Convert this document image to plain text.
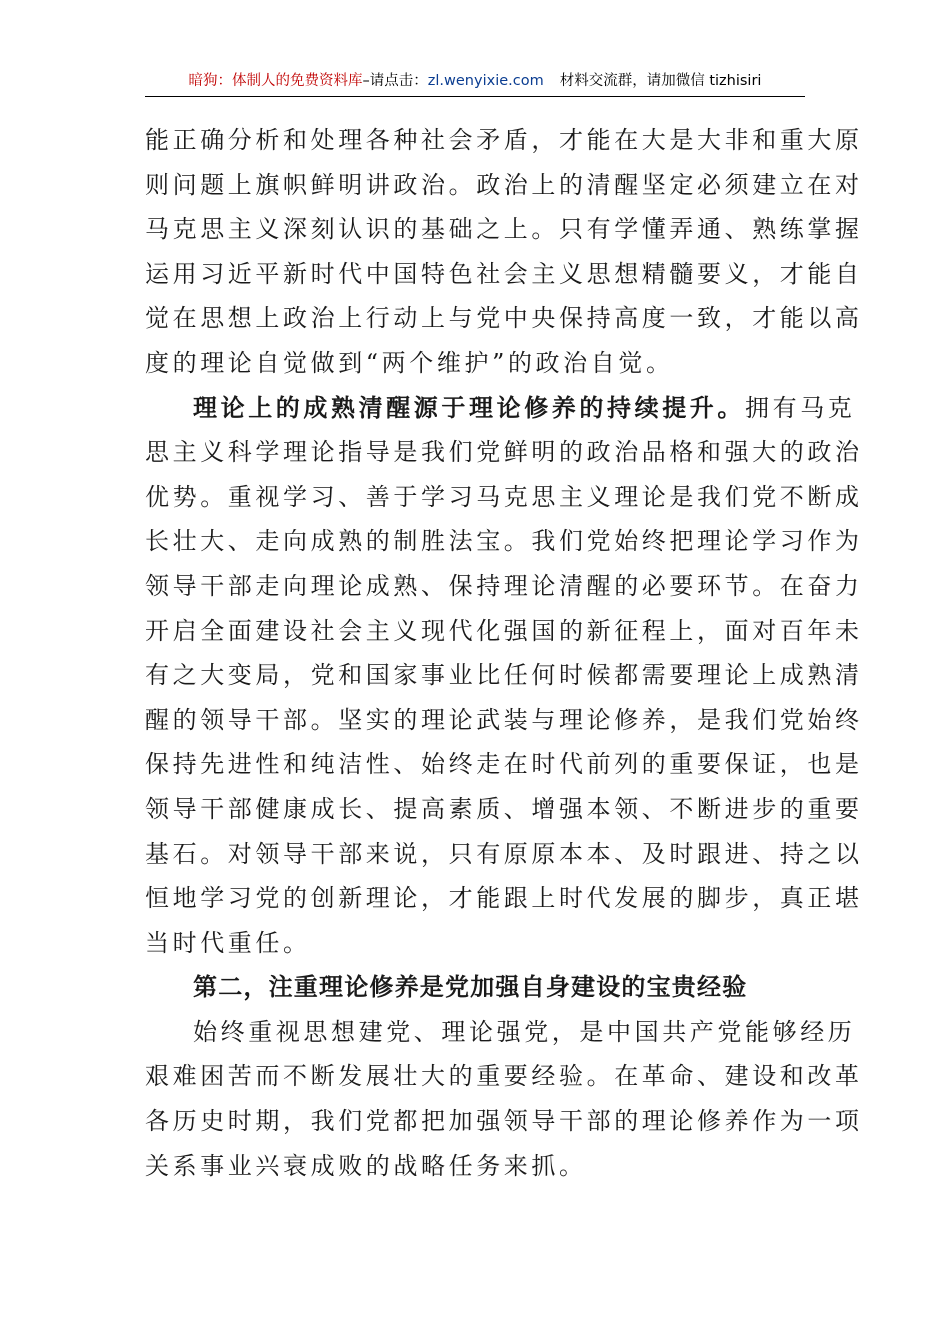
暗狗：体制人的免费资料库–请点击：zl.wenyixie.com 材料交流群，请加微信 tizhisiri
能正确分析和处理各种社会矛盾，才能在大是大非和重大原
则问题上旗帜鲜明讲政治。政治上的清醒坚定必须建立在对
马克思主义深刻认识的基础之上。只有学懂弄通、熟练掌握
运用习近平新时代中国特色社会主义思想精髓要义，才能自
觉在思想上政治上行动上与党中央保持高度一致，才能以高
度的理论自觉做到“两个维护”的政治自觉。
理论上的成熟清醒源于理论修养的持续提升。拥有马克
思主义科学理论指导是我们党鲜明的政治品格和强大的政治
优势。重视学习、善于学习马克思主义理论是我们党不断成
长壮大、走向成熟的制胜法宝。我们党始终把理论学习作为
领导干部走向理论成熟、保持理论清醒的必要环节。在奋力
开启全面建设社会主义现代化强国的新征程上，面对百年未
有之大变局，党和国家事业比任何时候都需要理论上成熟清
醒的领导干部。坚实的理论武装与理论修养，是我们党始终
保持先进性和纯洁性、始终走在时代前列的重要保证，也是
领导干部健康成长、提高素质、增强本领、不断进步的重要
基石。对领导干部来说，只有原原本本、及时跟进、持之以
恒地学习党的创新理论，才能跟上时代发展的脚步，真正堪
当时代重任。
第二，注重理论修养是党加强自身建设的宝贵经验
始终重视思想建党、理论强党，是中国共产党能够经历
艰难困苦而不断发展壮大的重要经验。在革命、建设和改革
各历史时期，我们党都把加强领导干部的理论修养作为一项
关系事业兴衰成败的战略任务来抓。
